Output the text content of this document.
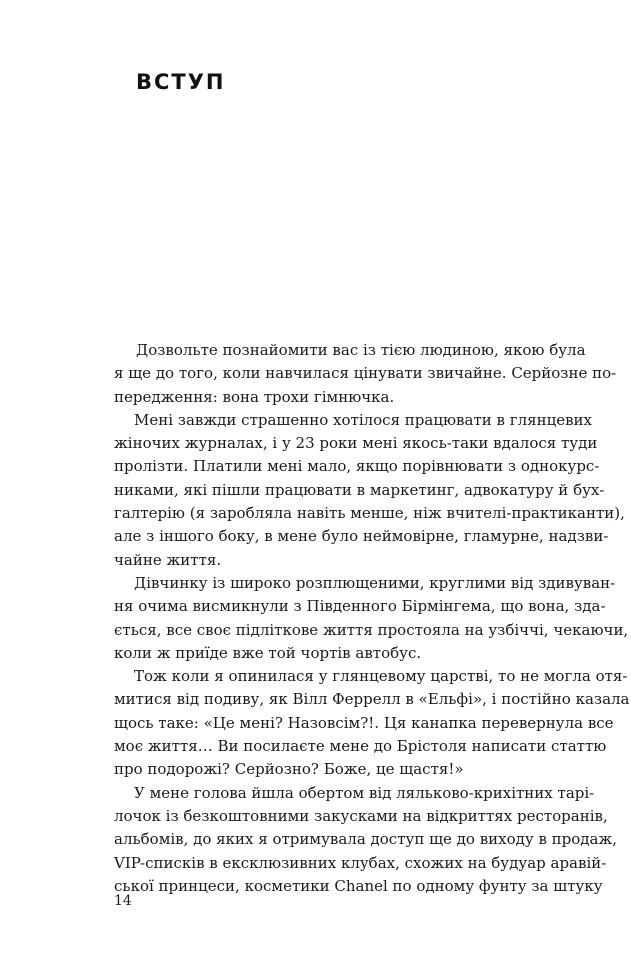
ВСТУП
Дозвольте познайомити вас із тією людиною, якою була
я ще до того, коли навчилася цінувати звичайне. Серйозне по-
передження: вона трохи гімнючка.
Мені завжди страшенно хотілося працювати в глянцевих
жіночих журналах, і у 23 роки мені якось-таки вдалося туди
пролізти. Платили мені мало, якщо порівнювати з однокурс-
никами, які пішли працювати в маркетинг, адвокатуру й бух-
галтерію (я заробляла навіть менше, ніж вчителі-практиканти),
але з іншого боку, в мене було неймовірне, гламурне, надзви-
чайне життя.
Дівчинку із широко розплющеними, круглими від здивуван-
ня очима висмикнули з Південного Бірмінгема, що вона, зда-
ється, все своє підліткове життя простояла на узбіччі, чекаючи,
коли ж приїде вже той чортів автобус.
Тож коли я опинилася у глянцевому царстві, то не могла отя-
митися від подиву, як Вілл Феррелл в «Ельфі», і постійно казала
щось таке: «Це мені? Назовсім?!. Ця канапка перевернула все
моє життя… Ви посилаєте мене до Брістоля написати статтю
про подорожі? Серйозно? Боже, це щастя!»
У мене голова йшла обертом від ляльково-крихітних тарі-
лочок із безкоштовними закусками на відкриттях ресторанів,
альбомів, до яких я отримувала доступ ще до виходу в продаж,
VIP-списків в ексклюзивних клубах, схожих на будуар аравій-
ської принцеси, косметики Chanel по одному фунту за штуку
14
